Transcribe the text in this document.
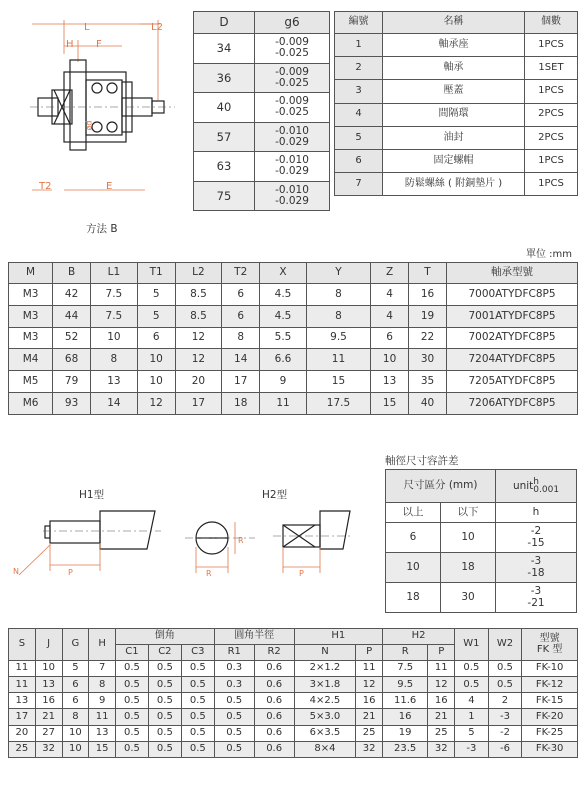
L	L2
H F
ød
T2	E
方法 B
D	g6
34	-0.009
-0.025

36	-0.009
-0.025

40	-0.009
-0.025

57	-0.010
-0.029

63	-0.010
-0.029

75	-0.010
-0.029
編號	名稱	個數
1	軸承座	1PCS
2	軸承	1SET
3	壓蓋	1PCS
4	間隔環	2PCS
5	油封	2PCS
6	固定螺帽	1PCS
7	防鬆螺絲 ( 附銅墊片 )	1PCS
單位 :mm
M	B	L1	T1	L2	T2	X	Y	Z	T	軸承型號
M3	42	7.5	5	8.5	6	4.5	8	4	16	7000ATYDFC8P5
M3	44	7.5	5	8.5	6	4.5	8	4	19	7001ATYDFC8P5
M3	52	10	6	12	8	5.5	9.5	6	22	7002ATYDFC8P5
M4	68	8	10	12	14	6.6	11	10	30	7204ATYDFC8P5
M5	79	13	10	20	17	9	15	13	35	7205ATYDFC8P5
M6	93	14	12	17	18	11	17.5	15	40	7206ATYDFC8P5
H1型	H2型
N	P	R
R
P
軸徑尺寸容許差
尺寸區分 (mm)		unit h
0.001

以上	以下	h
6	10	-2
-15

10	18	-3
-18

18	30	-3
-21
S	J	G	H	倒角			圓角半徑		H1		H2		W1	W2	型號
FK 型
				C1	C2	C3	R1	R2	N	P	R	P			
11	10	5	7	0.5	0.5	0.5	0.3	0.6	2×1.2	11	7.5	11	0.5	0.5	FK-10
11	13	6	8	0.5	0.5	0.5	0.3	0.6	3×1.8	12	9.5	12	0.5	0.5	FK-12
13	16	6	9	0.5	0.5	0.5	0.5	0.6	4×2.5	16	11.6	16	4	2	FK-15
17	21	8	11	0.5	0.5	0.5	0.5	0.6	5×3.0	21	16	21	1	-3	FK-20
20	27	10	13	0.5	0.5	0.5	0.5	0.6	6×3.5	25	19	25	5	-2	FK-25
25	32	10	15	0.5	0.5	0.5	0.5	0.6	8×4	32	23.5	32	-3	-6	FK-30
